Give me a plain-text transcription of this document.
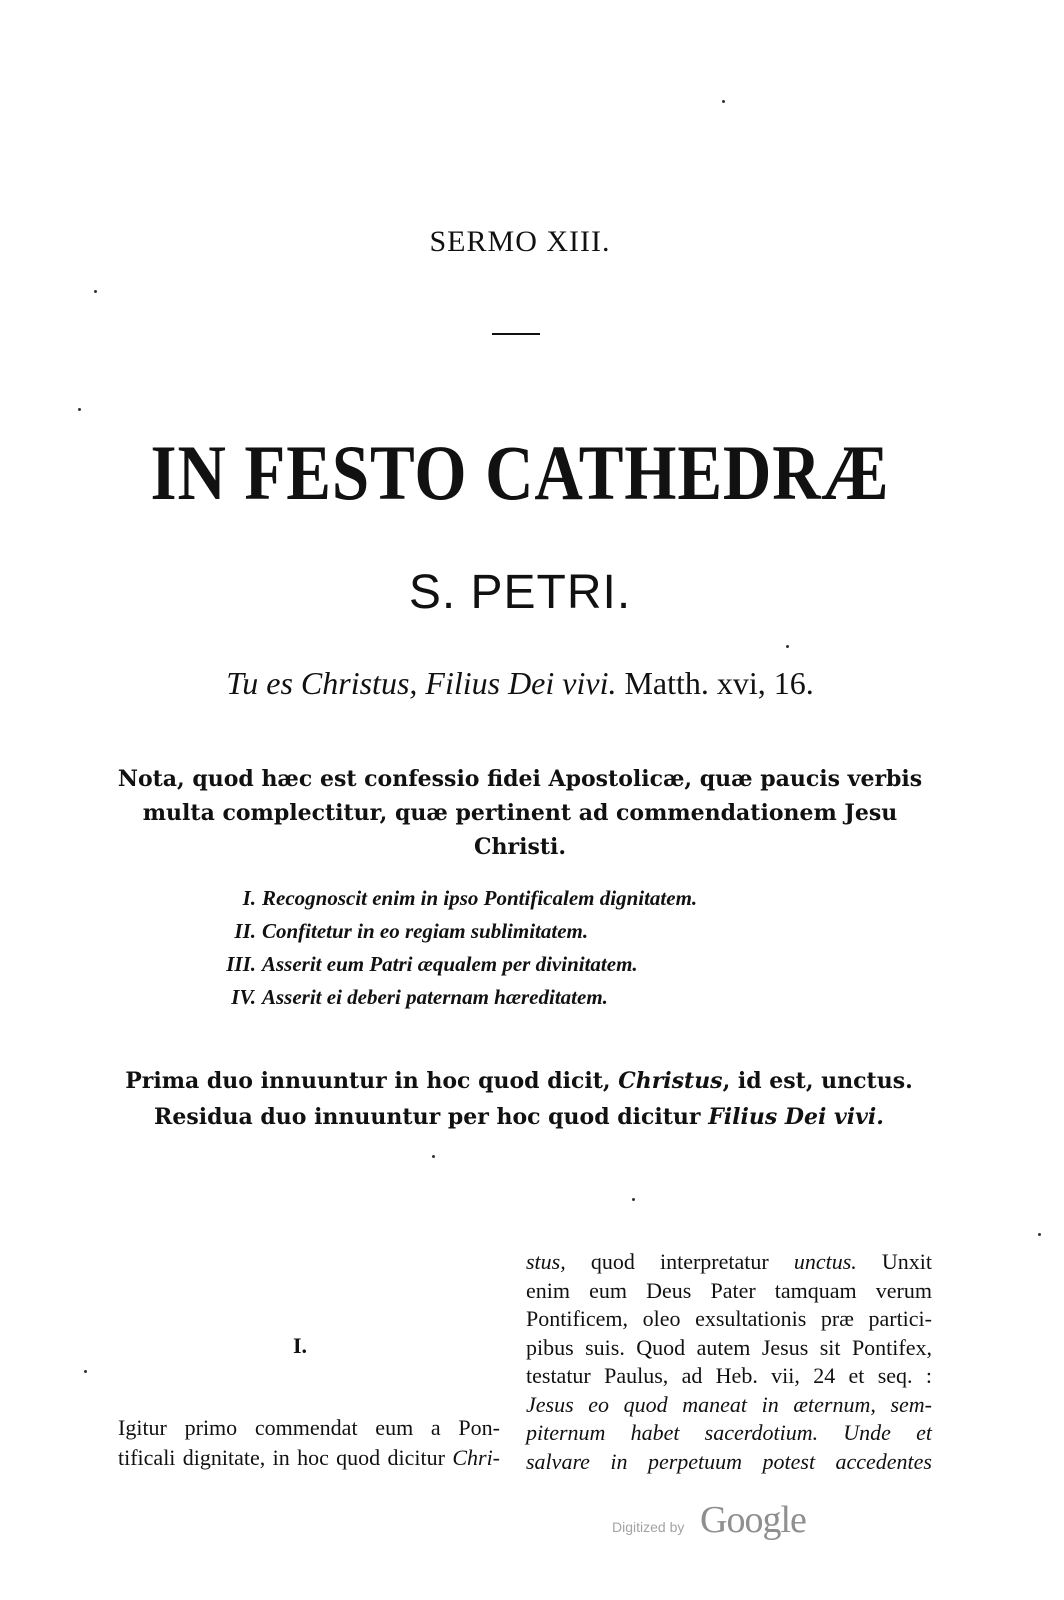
SERMO XIII.
IN FESTO CATHEDRÆ
S. PETRI.
Tu es Christus, Filius Dei vivi. Matth. xvi, 16.
Nota, quod hæc est confessio fidei Apostolicæ, quæ paucis verbis multa complectitur, quæ pertinent ad commendationem Jesu Christi.
I. Recognoscit enim in ipso Pontificalem dignitatem.
II. Confitetur in eo regiam sublimitatem.
III. Asserit eum Patri æqualem per divinitatem.
IV. Asserit ei deberi paternam hæreditatem.
Prima duo innuuntur in hoc quod dicit, Christus, id est, unctus. Residua duo innuuntur per hoc quod dicitur Filius Dei vivi.
I.
Igitur primo commendat eum a Pon-
tificali dignitate, in hoc quod dicitur Chri-
stus, quod interpretatur unctus. Unxit
enim eum Deus Pater tamquam verum
Pontificem, oleo exsultationis præ partici-
pibus suis. Quod autem Jesus sit Pontifex,
testatur Paulus, ad Heb. vii, 24 et seq. :
Jesus eo quod maneat in æternum, sem-
piternum habet sacerdotium. Unde et
salvare in perpetuum potest accedentes
Digitized by Google
